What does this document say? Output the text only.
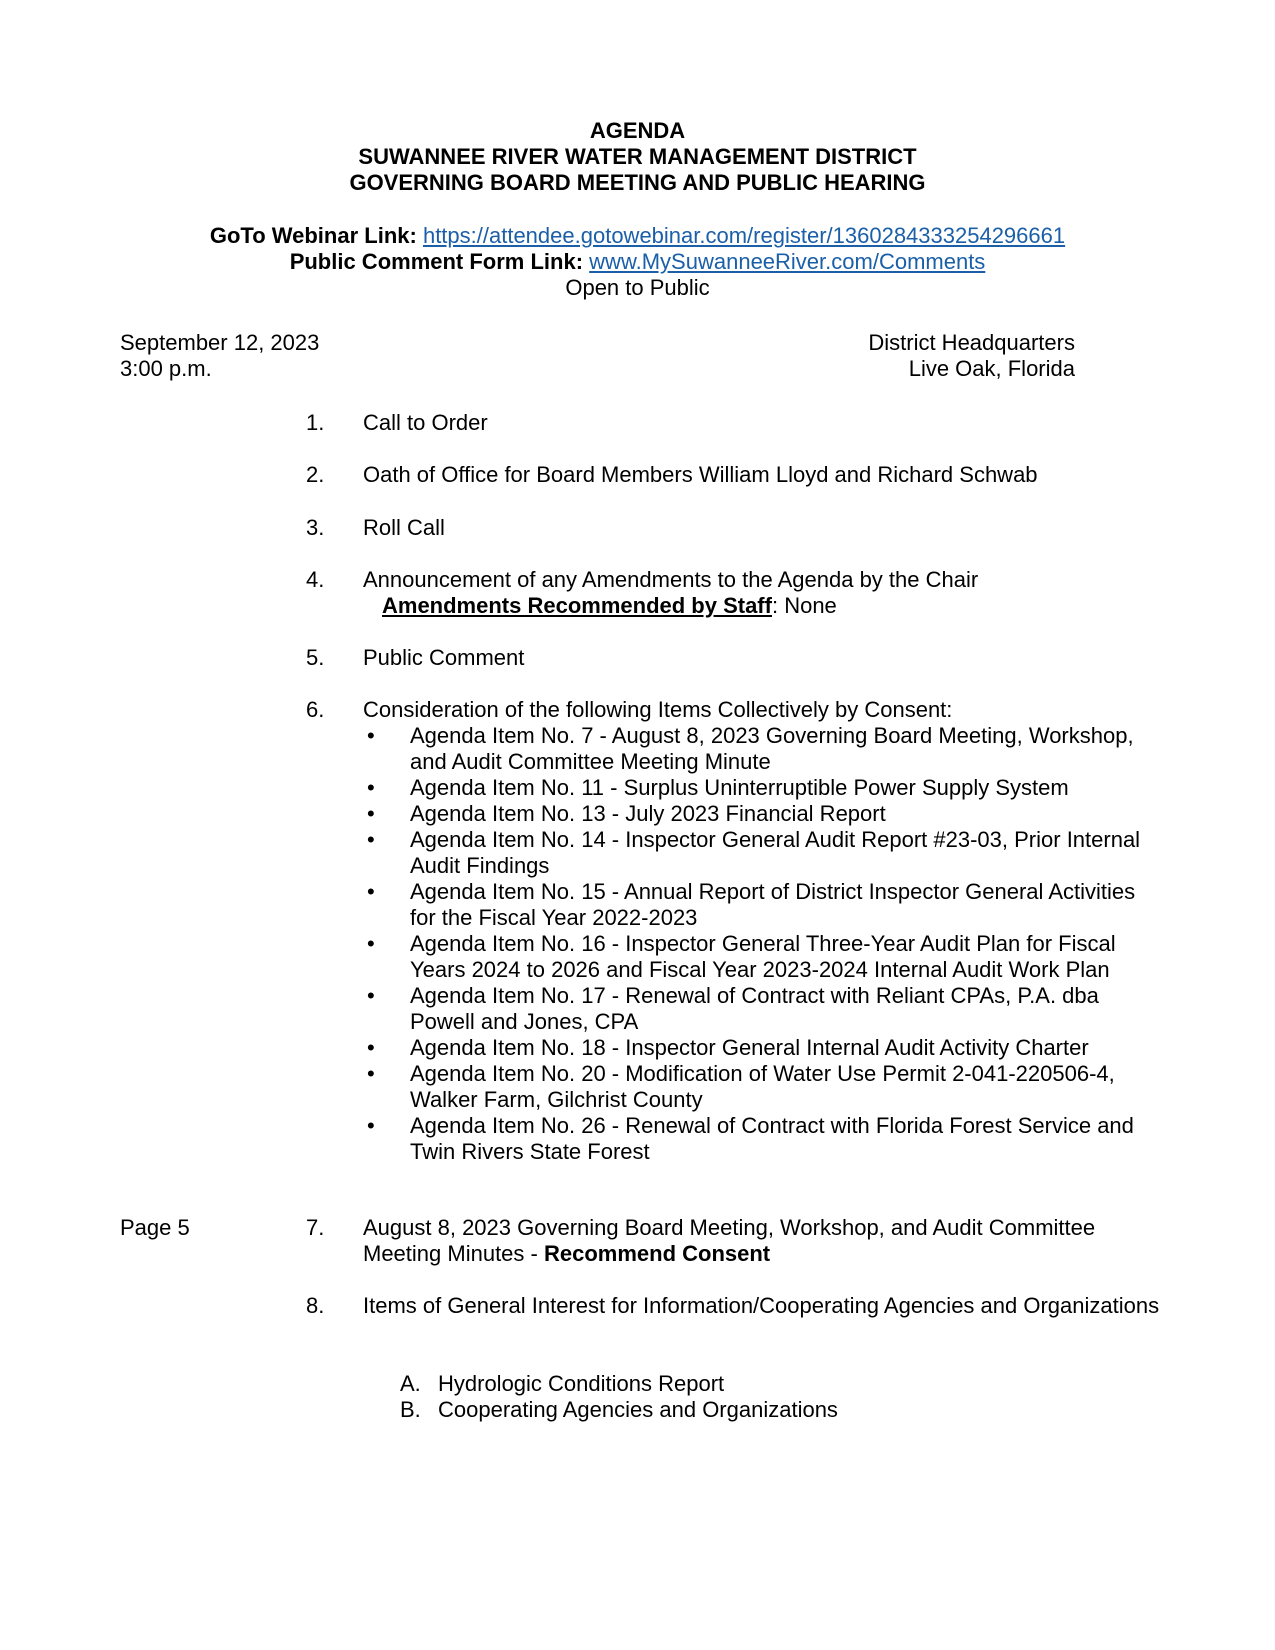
AGENDA
SUWANNEE RIVER WATER MANAGEMENT DISTRICT
GOVERNING BOARD MEETING AND PUBLIC HEARING
GoTo Webinar Link: https://attendee.gotowebinar.com/register/1360284333254296661
Public Comment Form Link: www.MySuwanneeRiver.com/Comments
Open to Public
September 12, 2023
3:00 p.m.
District Headquarters
Live Oak, Florida
1. Call to Order
2. Oath of Office for Board Members William Lloyd and Richard Schwab
3. Roll Call
4. Announcement of any Amendments to the Agenda by the Chair
Amendments Recommended by Staff: None
5. Public Comment
6. Consideration of the following Items Collectively by Consent:
• Agenda Item No. 7 - August 8, 2023 Governing Board Meeting, Workshop, and Audit Committee Meeting Minute
• Agenda Item No. 11 - Surplus Uninterruptible Power Supply System
• Agenda Item No. 13 - July 2023 Financial Report
• Agenda Item No. 14 - Inspector General Audit Report #23-03, Prior Internal Audit Findings
• Agenda Item No. 15 - Annual Report of District Inspector General Activities for the Fiscal Year 2022-2023
• Agenda Item No. 16 - Inspector General Three-Year Audit Plan for Fiscal Years 2024 to 2026 and Fiscal Year 2023-2024 Internal Audit Work Plan
• Agenda Item No. 17 - Renewal of Contract with Reliant CPAs, P.A. dba Powell and Jones, CPA
• Agenda Item No. 18 - Inspector General Internal Audit Activity Charter
• Agenda Item No. 20 - Modification of Water Use Permit 2-041-220506-4, Walker Farm, Gilchrist County
• Agenda Item No. 26 - Renewal of Contract with Florida Forest Service and Twin Rivers State Forest
Page 5	7. August 8, 2023 Governing Board Meeting, Workshop, and Audit Committee Meeting Minutes - Recommend Consent
8. Items of General Interest for Information/Cooperating Agencies and Organizations
A. Hydrologic Conditions Report
B. Cooperating Agencies and Organizations
